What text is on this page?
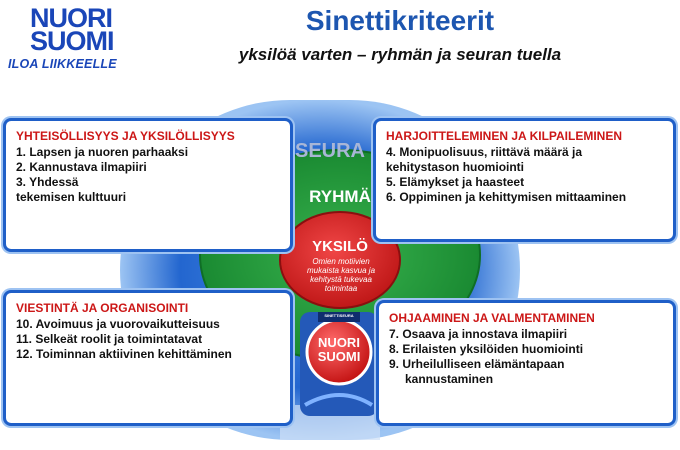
NUORI
SUOMI
ILOA LIIKKEELLE
Sinettikriteerit
yksilöä varten – ryhmän ja seuran tuella
SEURA
RYHMÄ
YKSILÖ
Omien motiivien mukaista kasvua ja kehitystä tukevaa toimintaa
SINETTISEURA
NUORI
SUOMI
YHTEISÖLLISYYS JA YKSILÖLLISYYS
1. Lapsen ja nuoren parhaaksi
2. Kannustava ilmapiiri
3. Yhdessä
tekemisen kulttuuri
HARJOITTELEMINEN JA KILPAILEMINEN
4. Monipuolisuus, riittävä määrä ja
kehitystason huomiointi
5. Elämykset ja haasteet
6. Oppiminen ja kehittymisen mittaaminen
VIESTINTÄ JA ORGANISOINTI
10. Avoimuus ja vuorovaikutteisuus
11. Selkeät roolit ja toimintatavat
12. Toiminnan aktiivinen kehittäminen
OHJAAMINEN JA VALMENTAMINEN
7. Osaava ja innostava ilmapiiri
8. Erilaisten yksilöiden huomiointi
9. Urheilulliseen elämäntapaan
kannustaminen
